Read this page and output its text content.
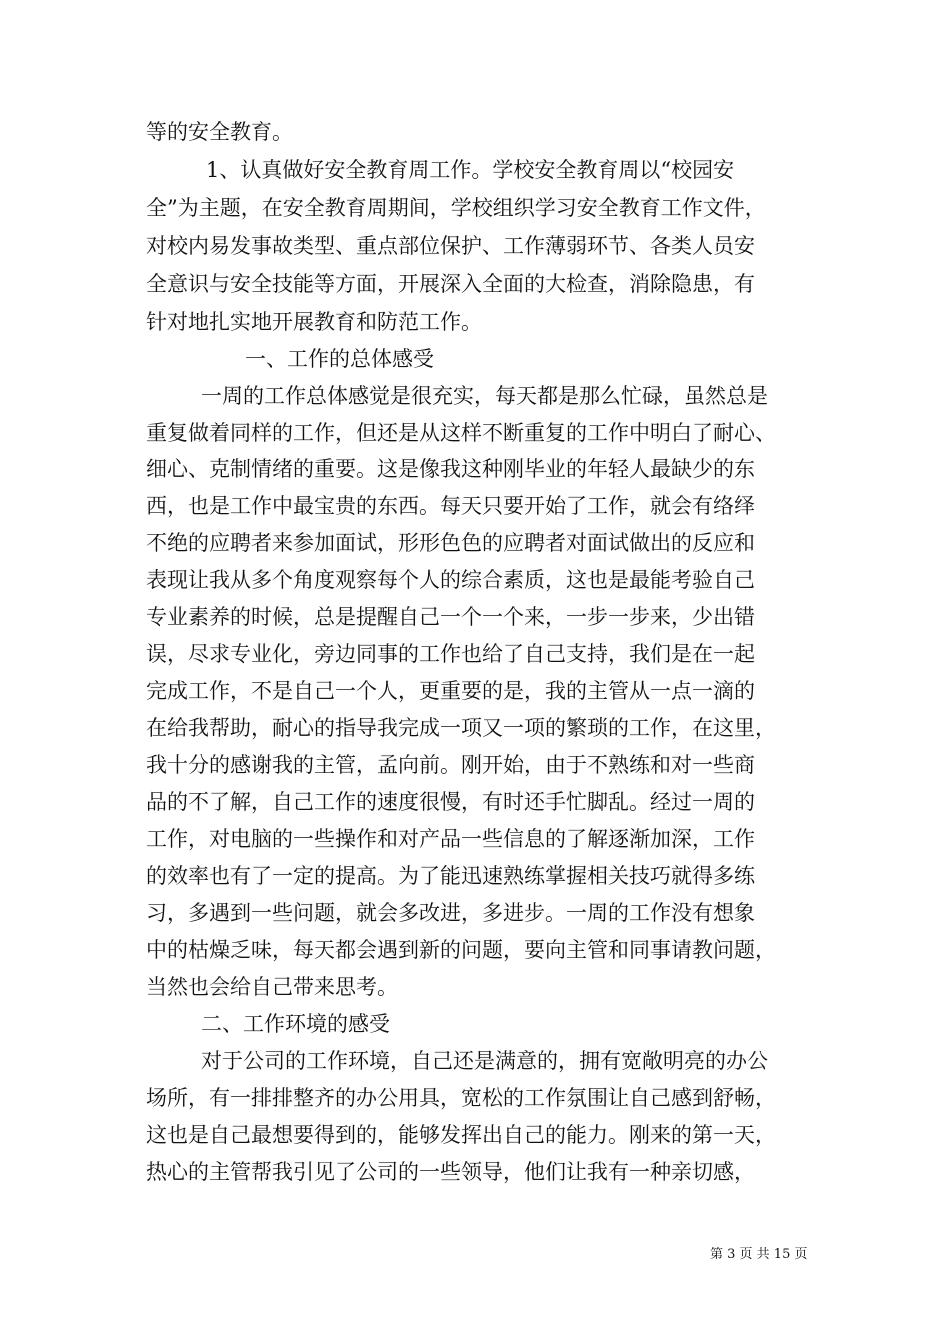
等的安全教育。
1、认真做好安全教育周工作。学校安全教育周以“校园安
全”为主题，在安全教育周期间，学校组织学习安全教育工作文件，
对校内易发事故类型、重点部位保护、工作薄弱环节、各类人员安
全意识与安全技能等方面，开展深入全面的大检查，消除隐患，有
针对地扎实地开展教育和防范工作。
一、工作的总体感受
一周的工作总体感觉是很充实，每天都是那么忙碌，虽然总是
重复做着同样的工作，但还是从这样不断重复的工作中明白了耐心、
细心、克制情绪的重要。这是像我这种刚毕业的年轻人最缺少的东
西，也是工作中最宝贵的东西。每天只要开始了工作，就会有络绎
不绝的应聘者来参加面试，形形色色的应聘者对面试做出的反应和
表现让我从多个角度观察每个人的综合素质，这也是最能考验自己
专业素养的时候，总是提醒自己一个一个来，一步一步来，少出错
误，尽求专业化，旁边同事的工作也给了自己支持，我们是在一起
完成工作，不是自己一个人，更重要的是，我的主管从一点一滴的
在给我帮助，耐心的指导我完成一项又一项的繁琐的工作，在这里，
我十分的感谢我的主管，孟向前。刚开始，由于不熟练和对一些商
品的不了解，自己工作的速度很慢，有时还手忙脚乱。经过一周的
工作，对电脑的一些操作和对产品一些信息的了解逐渐加深，工作
的效率也有了一定的提高。为了能迅速熟练掌握相关技巧就得多练
习，多遇到一些问题，就会多改进，多进步。一周的工作没有想象
中的枯燥乏味，每天都会遇到新的问题，要向主管和同事请教问题，
当然也会给自己带来思考。
二、工作环境的感受
对于公司的工作环境，自己还是满意的，拥有宽敞明亮的办公
场所，有一排排整齐的办公用具，宽松的工作氛围让自己感到舒畅，
这也是自己最想要得到的，能够发挥出自己的能力。刚来的第一天，
热心的主管帮我引见了公司的一些领导，他们让我有一种亲切感，
第 3 页 共 15 页
